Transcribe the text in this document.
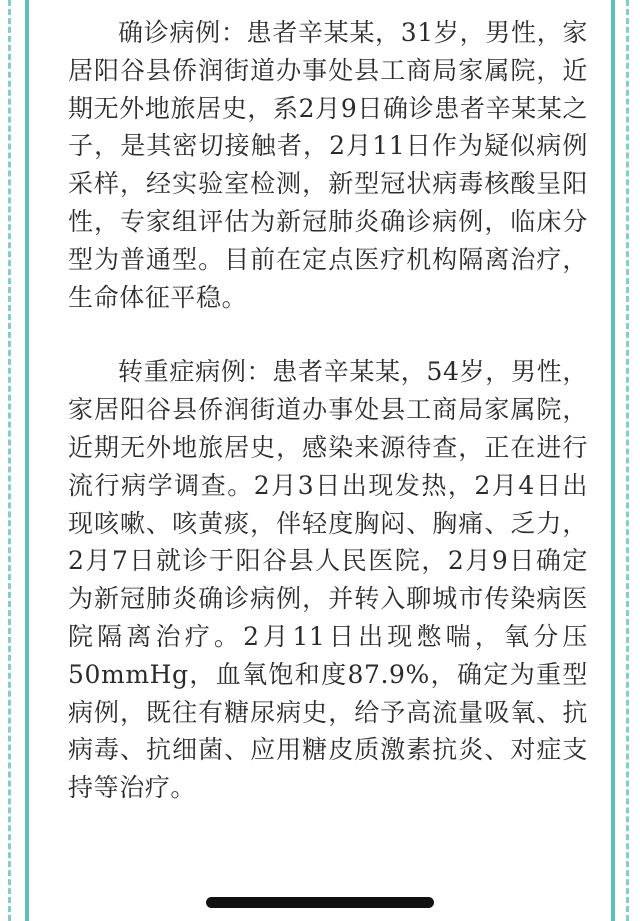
确诊病例：患者辛某某，31岁，男性，家居阳谷县侨润街道办事处县工商局家属院，近期无外地旅居史，系2月9日确诊患者辛某某之子，是其密切接触者，2月11日作为疑似病例采样，经实验室检测，新型冠状病毒核酸呈阳性，专家组评估为新冠肺炎确诊病例，临床分型为普通型。目前在定点医疗机构隔离治疗，生命体征平稳。

转重症病例：患者辛某某，54岁，男性，家居阳谷县侨润街道办事处县工商局家属院，近期无外地旅居史，感染来源待查，正在进行流行病学调查。2月3日出现发热，2月4日出现咳嗽、咳黄痰，伴轻度胸闷、胸痛、乏力，2月7日就诊于阳谷县人民医院，2月9日确定为新冠肺炎确诊病例，并转入聊城市传染病医院隔离治疗。2月11日出现憋喘，氧分压50mmHg，血氧饱和度87.9%，确定为重型病例，既往有糖尿病史，给予高流量吸氧、抗病毒、抗细菌、应用糖皮质激素抗炎、对症支持等治疗。
